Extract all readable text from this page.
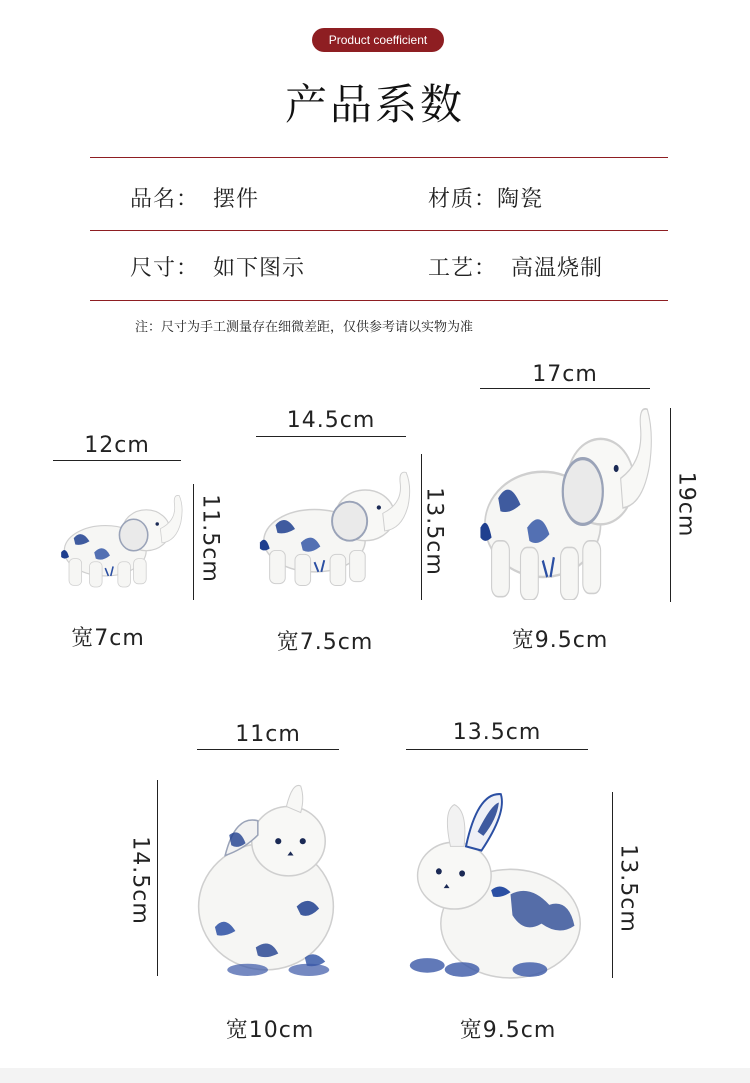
Product coefficient
产品系数
品名： 摆件	材质：陶瓷
尺寸： 如下图示	工艺： 高温烧制
注：尺寸为手工测量存在细微差距，仅供参考请以实物为准
12cm
11.5cm
宽7cm
14.5cm
13.5cm
宽7.5cm
17cm
19cm
宽9.5cm
11cm
14.5cm
宽10cm
13.5cm
13.5cm
宽9.5cm
